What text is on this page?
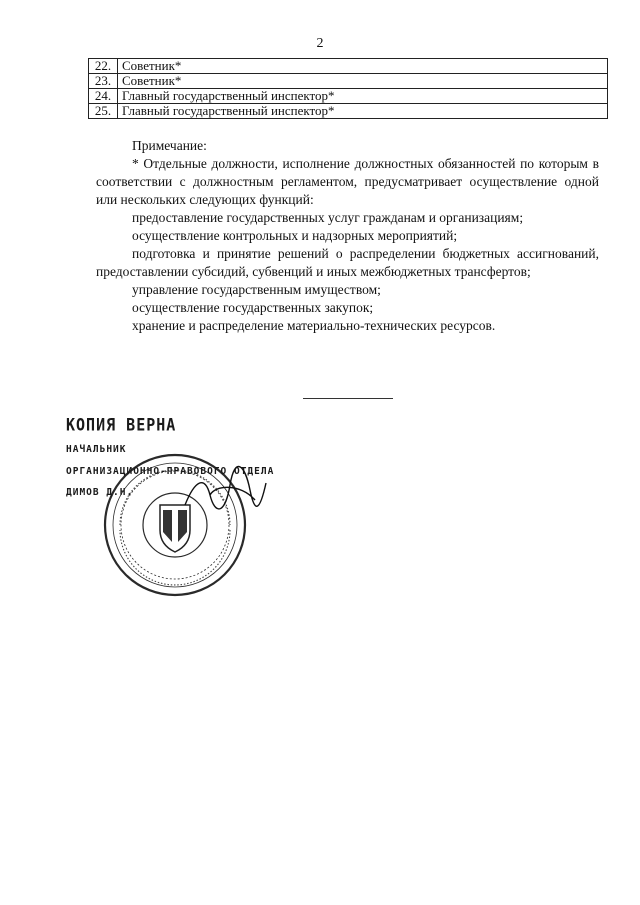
2
22.	Советник*
23.	Советник*
24.	Главный государственный инспектор*
25.	Главный государственный инспектор*
Примечание:

* Отдельные должности, исполнение должностных обязанностей по которым в соответствии с должностным регламентом, предусматривает осуществление одной или нескольких следующих функций:

предоставление государственных услуг гражданам и организациям;
осуществление контрольных и надзорных мероприятий;
подготовка и принятие решений о распределении бюджетных ассигнований, предоставлении субсидий, субвенций и иных межбюджетных трансфертов;
управление государственным имуществом;
осуществление государственных закупок;
хранение и распределение материально-технических ресурсов.
КОПИЯ ВЕРНА
НАЧАЛЬНИК
ОРГАНИЗАЦИОННО-ПРАВОВОГО ОТДЕЛА
ДИМОВ Д.Н.
